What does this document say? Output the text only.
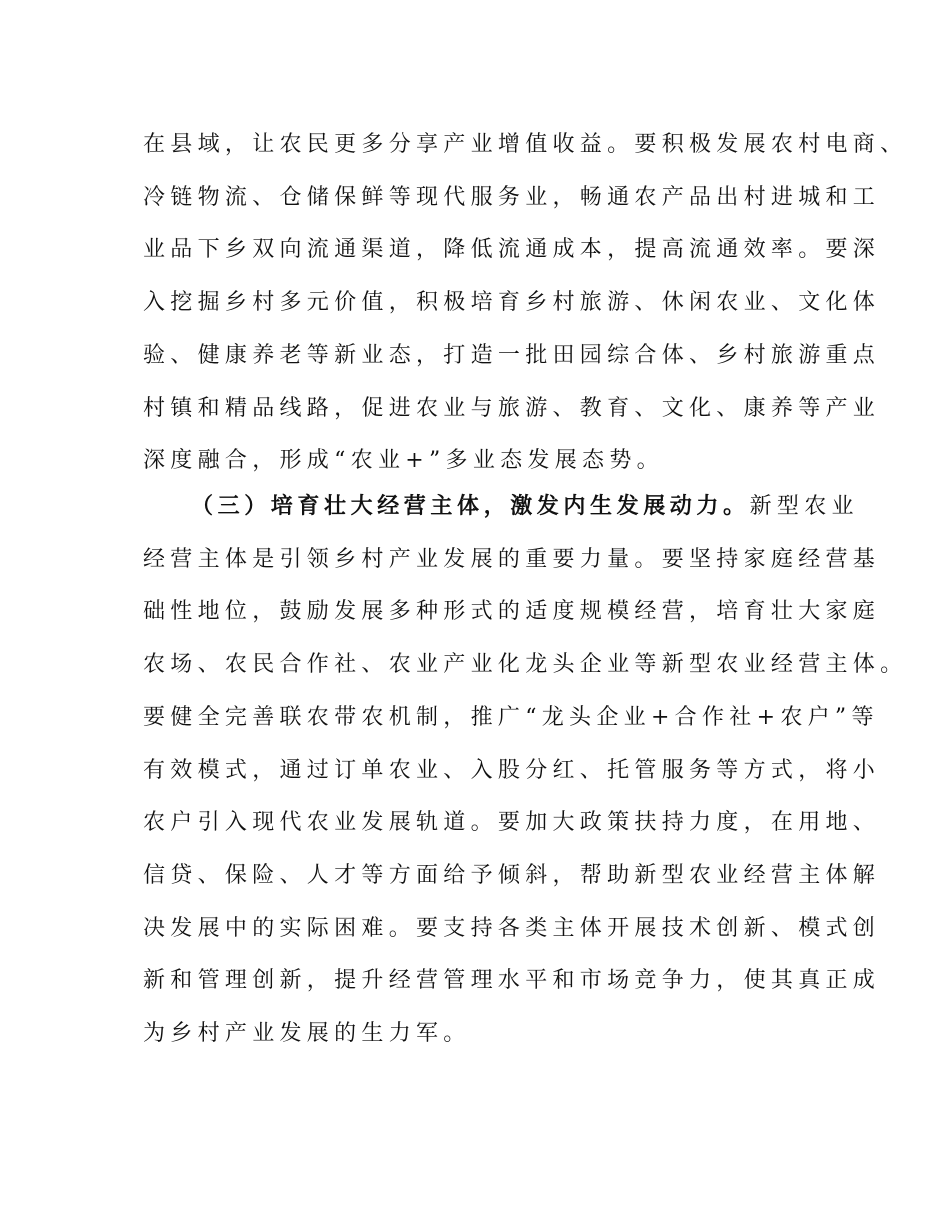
在县域，让农民更多分享产业增值收益。要积极发展农村电商、
冷链物流、仓储保鲜等现代服务业，畅通农产品出村进城和工
业品下乡双向流通渠道，降低流通成本，提高流通效率。要深
入挖掘乡村多元价值，积极培育乡村旅游、休闲农业、文化体
验、健康养老等新业态，打造一批田园综合体、乡村旅游重点
村镇和精品线路，促进农业与旅游、教育、文化、康养等产业
深度融合，形成“农业+”多业态发展态势。
（三）培育壮大经营主体，激发内生发展动力。新型农业
经营主体是引领乡村产业发展的重要力量。要坚持家庭经营基
础性地位，鼓励发展多种形式的适度规模经营，培育壮大家庭
农场、农民合作社、农业产业化龙头企业等新型农业经营主体。
要健全完善联农带农机制，推广“龙头企业+合作社+农户”等
有效模式，通过订单农业、入股分红、托管服务等方式，将小
农户引入现代农业发展轨道。要加大政策扶持力度，在用地、
信贷、保险、人才等方面给予倾斜，帮助新型农业经营主体解
决发展中的实际困难。要支持各类主体开展技术创新、模式创
新和管理创新，提升经营管理水平和市场竞争力，使其真正成
为乡村产业发展的生力军。
